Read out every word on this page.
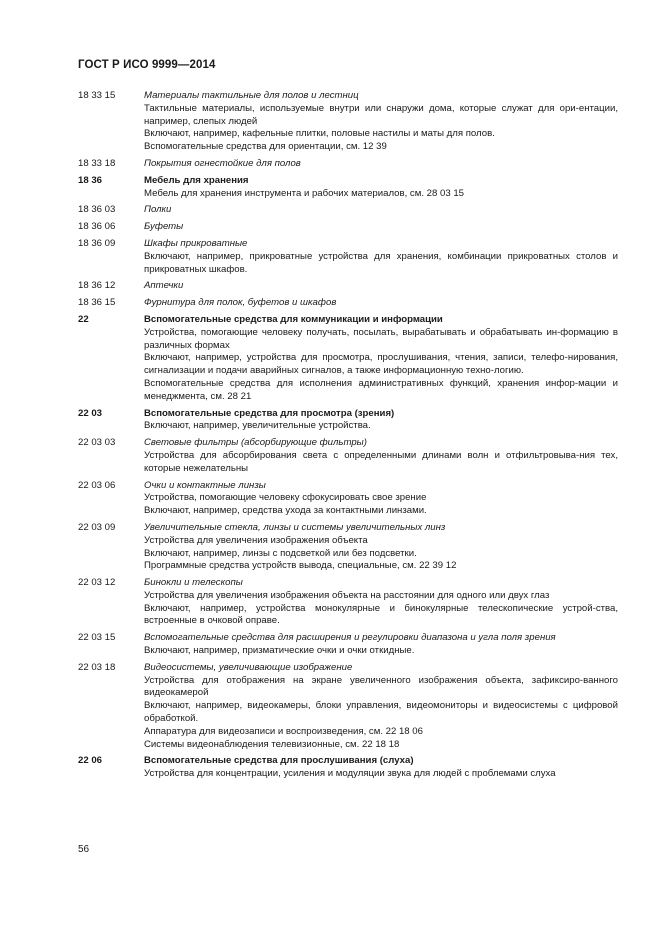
ГОСТ Р ИСО 9999—2014
18 33 15	Материалы тактильные для полов и лестниц
Тактильные материалы, используемые внутри или снаружи дома, которые служат для ори-ентации, например, слепых людей
Включают, например, кафельные плитки, половые настилы и маты для полов.
Вспомогательные средства для ориентации, см. 12 39
18 33 18	Покрытия огнестойкие для полов
18 36	Мебель для хранения
Мебель для хранения инструмента и рабочих материалов, см. 28 03 15
18 36 03	Полки
18 36 06	Буфеты
18 36 09	Шкафы прикроватные
Включают, например, прикроватные устройства для хранения, комбинации прикроватных столов и прикроватных шкафов.
18 36 12	Аптечки
18 36 15	Фурнитура для полок, буфетов и шкафов
22	Вспомогательные средства для коммуникации и информации
Устройства, помогающие человеку получать, посылать, вырабатывать и обрабатывать ин-формацию в различных формах
Включают, например, устройства для просмотра, прослушивания, чтения, записи, телефо-нирования, сигнализации и подачи аварийных сигналов, а также информационную техно-логию.
Вспомогательные средства для исполнения административных функций, хранения инфор-мации и менеджмента, см. 28 21
22 03	Вспомогательные средства для просмотра (зрения)
Включают, например, увеличительные устройства.
22 03 03	Световые фильтры (абсорбирующие фильтры)
Устройства для абсорбирования света с определенными длинами волн и отфильтровыва-ния тех, которые нежелательны
22 03 06	Очки и контактные линзы
Устройства, помогающие человеку сфокусировать свое зрение
Включают, например, средства ухода за контактными линзами.
22 03 09	Увеличительные стекла, линзы и системы увеличительных линз
Устройства для увеличения изображения объекта
Включают, например, линзы с подсветкой или без подсветки.
Программные средства устройств вывода, специальные, см. 22 39 12
22 03 12	Бинокли и телескопы
Устройства для увеличения изображения объекта на расстоянии для одного или двух глаз
Включают, например, устройства монокулярные и бинокулярные телескопические устрой-ства, встроенные в очковой оправе.
22 03 15	Вспомогательные средства для расширения и регулировки диапазона и угла поля зрения
Включают, например, призматические очки и очки откидные.
22 03 18	Видеосистемы, увеличивающие изображение
Устройства для отображения на экране увеличенного изображения объекта, зафиксиро-ванного видеокамерой
Включают, например, видеокамеры, блоки управления, видеомониторы и видеосистемы с цифровой обработкой.
Аппаратура для видеозаписи и воспроизведения, см. 22 18 06
Системы видеонаблюдения телевизионные, см. 22 18 18
22 06	Вспомогательные средства для прослушивания (слуха)
Устройства для концентрации, усиления и модуляции звука для людей с проблемами слуха
56
